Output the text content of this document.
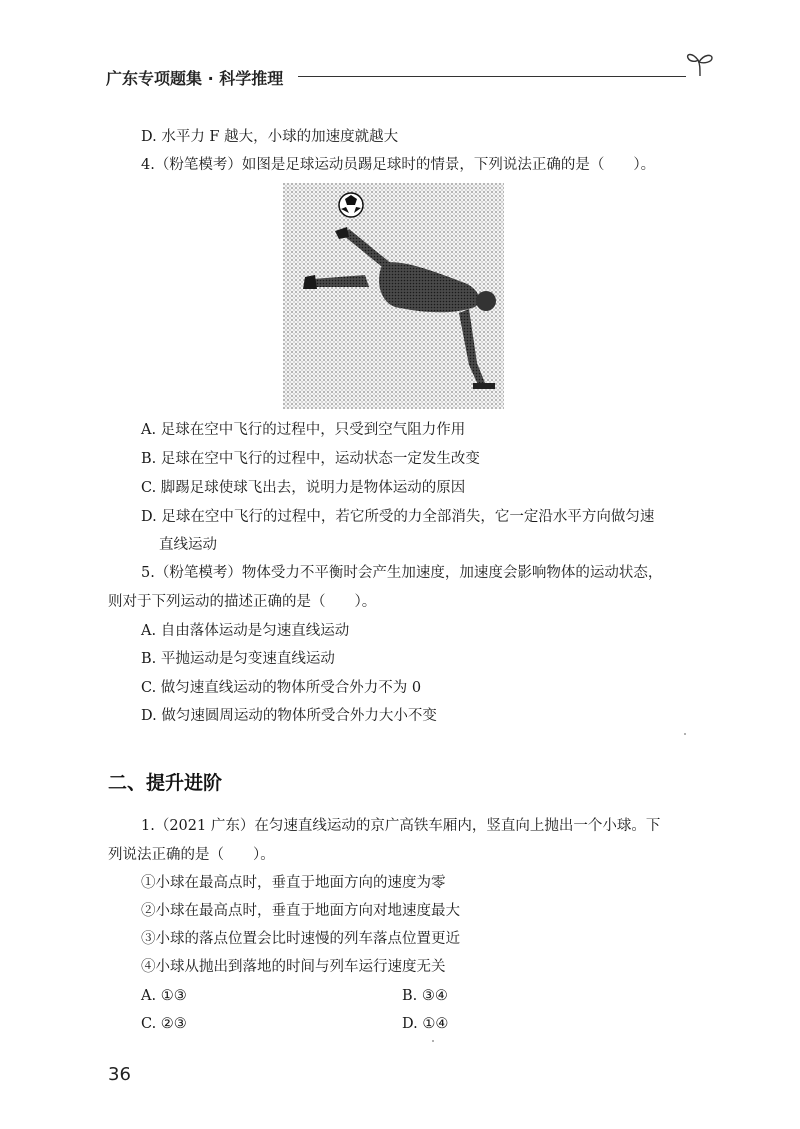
广东专项题集 · 科学推理
D. 水平力 F 越大，小球的加速度就越大
4.（粉笔模考）如图是足球运动员踢足球时的情景，下列说法正确的是（　　）。
A. 足球在空中飞行的过程中，只受到空气阻力作用
B. 足球在空中飞行的过程中，运动状态一定发生改变
C. 脚踢足球使球飞出去，说明力是物体运动的原因
D. 足球在空中飞行的过程中，若它所受的力全部消失，它一定沿水平方向做匀速
直线运动
5.（粉笔模考）物体受力不平衡时会产生加速度，加速度会影响物体的运动状态，
则对于下列运动的描述正确的是（　　）。
A. 自由落体运动是匀速直线运动
B. 平抛运动是匀变速直线运动
C. 做匀速直线运动的物体所受合外力不为 0
D. 做匀速圆周运动的物体所受合外力大小不变
二、提升进阶
1.（2021 广东）在匀速直线运动的京广高铁车厢内，竖直向上抛出一个小球。下
列说法正确的是（　　）。
①小球在最高点时，垂直于地面方向的速度为零
②小球在最高点时，垂直于地面方向对地速度最大
③小球的落点位置会比时速慢的列车落点位置更近
④小球从抛出到落地的时间与列车运行速度无关
A. ①③	B. ③④
C. ②③	D. ①④
36
